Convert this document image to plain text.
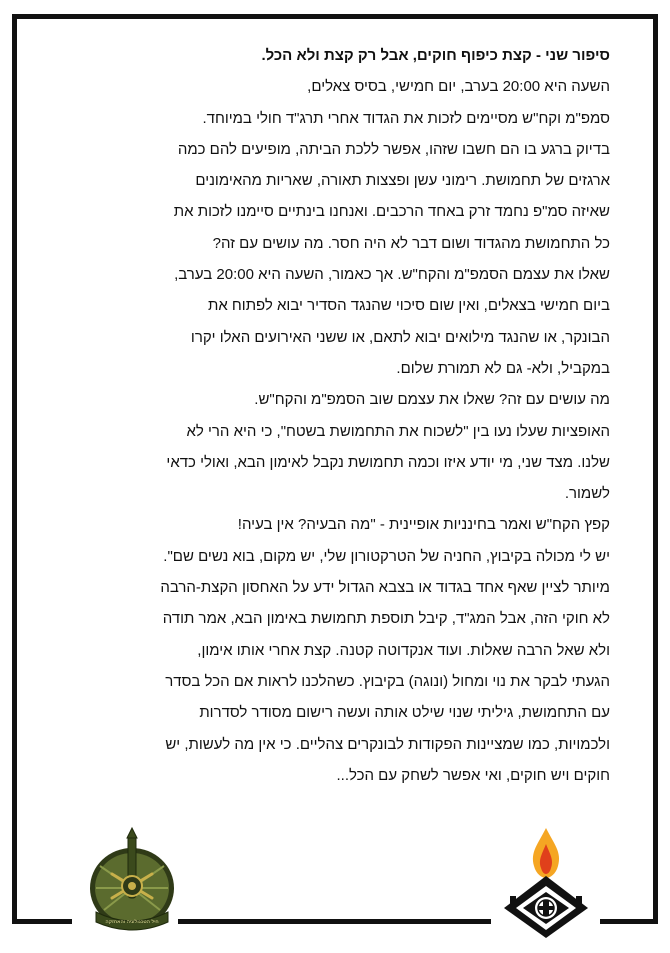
סיפור שני - קצת כיפוף חוקים, אבל רק קצת ולא הכל.
השעה היא 20:00 בערב, יום חמישי, בסיס צאלים,
סמפ"מ וקח"ש מסיימים לזכות את הגדוד אחרי תרג"ד חולי במיוחד.
בדיוק ברגע בו הם חשבו שזהו, אפשר ללכת הביתה, מופיעים להם כמה
ארגזים של תחמושת. רימוני עשן ופצצות תאורה, שאריות מהאימונים
שאיזה סמ"פ נחמד זרק באחד הרכבים. ואנחנו בינתיים סיימנו לזכות את
כל התחמושת מהגדוד ושום דבר לא היה חסר. מה עושים עם זה?
שאלו את עצמם הסמפ"מ והקח"ש. אך כאמור, השעה היא 20:00 בערב,
ביום חמישי בצאלים, ואין שום סיכוי שהנגד הסדיר יבוא לפתוח את
הבונקר, או שהנגד מילואים יבוא לתאם, או ששני האירועים האלו יקרו
במקביל, ולא- גם לא תמורת שלום.
מה עושים עם זה? שאלו את עצמם שוב הסמפ"מ והקח"ש.
האופציות שעלו נעו בין "לשכוח את התחמושת בשטח", כי היא הרי לא
שלנו. מצד שני, מי יודע איזו וכמה תחמושת נקבל לאימון הבא, ואולי כדאי
לשמור.
קפץ הקח"ש ואמר בחינניות אופיינית - "מה הבעיה? אין בעיה!
יש לי מכולה בקיבוץ, החניה של הטרקטורון שלי, יש מקום, בוא נשים שם".
מיותר לציין שאף אחד בגדוד או בצבא הגדול ידע על האחסון הקצת-הרבה
לא חוקי הזה, אבל המג"ד, קיבל תוספת תחמושת באימון הבא, אמר תודה
ולא שאל הרבה שאלות. ועוד אנקדוטה קטנה. קצת אחרי אותו אימון,
הגעתי לבקר את נוי ומחול (ונוגה) בקיבוץ. כשהלכנו לראות אם הכל בסדר
עם התחמושת, גיליתי שנוי שילט אותה ועשה רישום מסודר לסדרות
ולכמויות, כמו שמציינות הפקודות לבונקרים צהליים. כי אין מה לעשות, יש
חוקים ויש חוקים, ואי אפשר לשחק עם הכל...
חיל הטכנולוגיה והאחזקה
